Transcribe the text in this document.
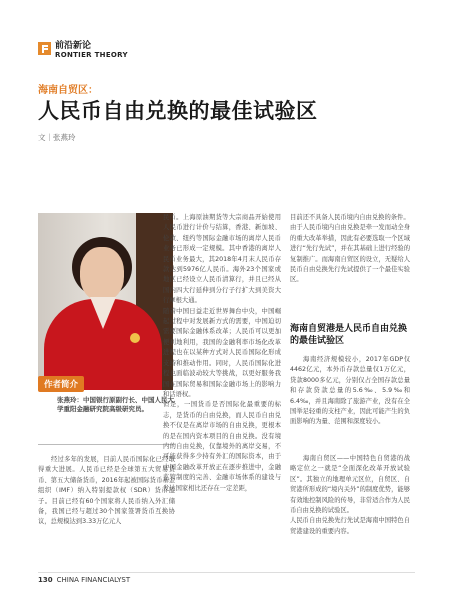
前沿新论
RONTIER THEORY
海南自贸区：
人民币自由兑换的最佳试验区
文｜张燕玲
作者简介
张燕玲：中国银行原副行长、中国人民大学重阳金融研究院高级研究员。
经过多年的发展，目前人民币国际化已经取得重大进展。人民币已经是全球第五大贸易货币、第五大储备货币，2016年起被国际货币基金组织（IMF）纳入特别提款权（SDR）货币篮子。目前已经有60个国家将人民币纳入外汇储备，我国已经与超过30个国家签署货币互换协议，总规模达到3.33万亿元人
民币。上海原油期货等大宗商品开始使用人民币进行计价与结算，香港、新加坡、伦敦、纽约等国际金融市场的离岸人民币业务已形成一定规模。其中香港的离岸人民币业务最大，其2018年4月末人民币存款达到5976亿人民币。海外23个国家或地区已经设立人民币清算行，并且已经从国内四大行延伸到分行子行扩大到美资大行摩根大通。
随着中国日益走近世界舞台中央，中国崛起过程中对发展新方式的需要，中国迫切需要国际金融体系改革；人民币可以更加便利地利用，我国的金融利率市场化改革进程也在以某种方式对人民币国际化形成支持和推动作用。同时，人民币国际化进程也面临波动较大等挑战，以更好服务我国在国际贸易和国际金融市场上的影响力和话语权。
但是，一国货币是否国际化最重要的标志，是货币的自由兑换，而人民币自由兑换不仅是在离岸市场的自由兑换，更根本的是在国内资本项目的自由兑换。没有境内的自由兑换，仅靠境外的离岸交易，不可能获得多少持有外汇的国际资本，由于中国金融改革开放正在逐步推进中，金融监管制度的完善、金融市场体系的建设与发达国家相比还存在一定差距，
目前还不具备人民币境内自由兑换的条件。
由于人民币境内自由兑换是牵一发而动全身的重大改革举措，因此有必要选取一个区域进行“先行先试”，并在其基础上进行经验的复制推广。而海南自贸区的设立，无疑给人民币自由兑换先行先试提供了一个最佳实验区。
海南自贸港是人民币自由兑换的最佳试验区
海南经济规模较小，2017年GDP仅4462亿元，本外币存款总量仅1万亿元，贷款8000多亿元，分别仅占全国存款总量和存款贷款总量的5.6‰、5.9‰和6.4‰，并且海南除了旅游产业，没有在全国举足轻重的支柱产业，因此可能产生的负面影响的为量、范围和深度较小。
海南自贸区——中国特色自贸港的战略定位之一就是“全面深化改革开放试验区”。其独立的地理单元区位，自贸区、自贸港所形成的“境内关外”的制度优势，能够有效地控制风险的传导，非常适合作为人民币自由兑换的试验区。
人民币自由兑换先行先试是海南中国特色自贸港建设的重要内容。
130 CHINA FINANCIALYST
